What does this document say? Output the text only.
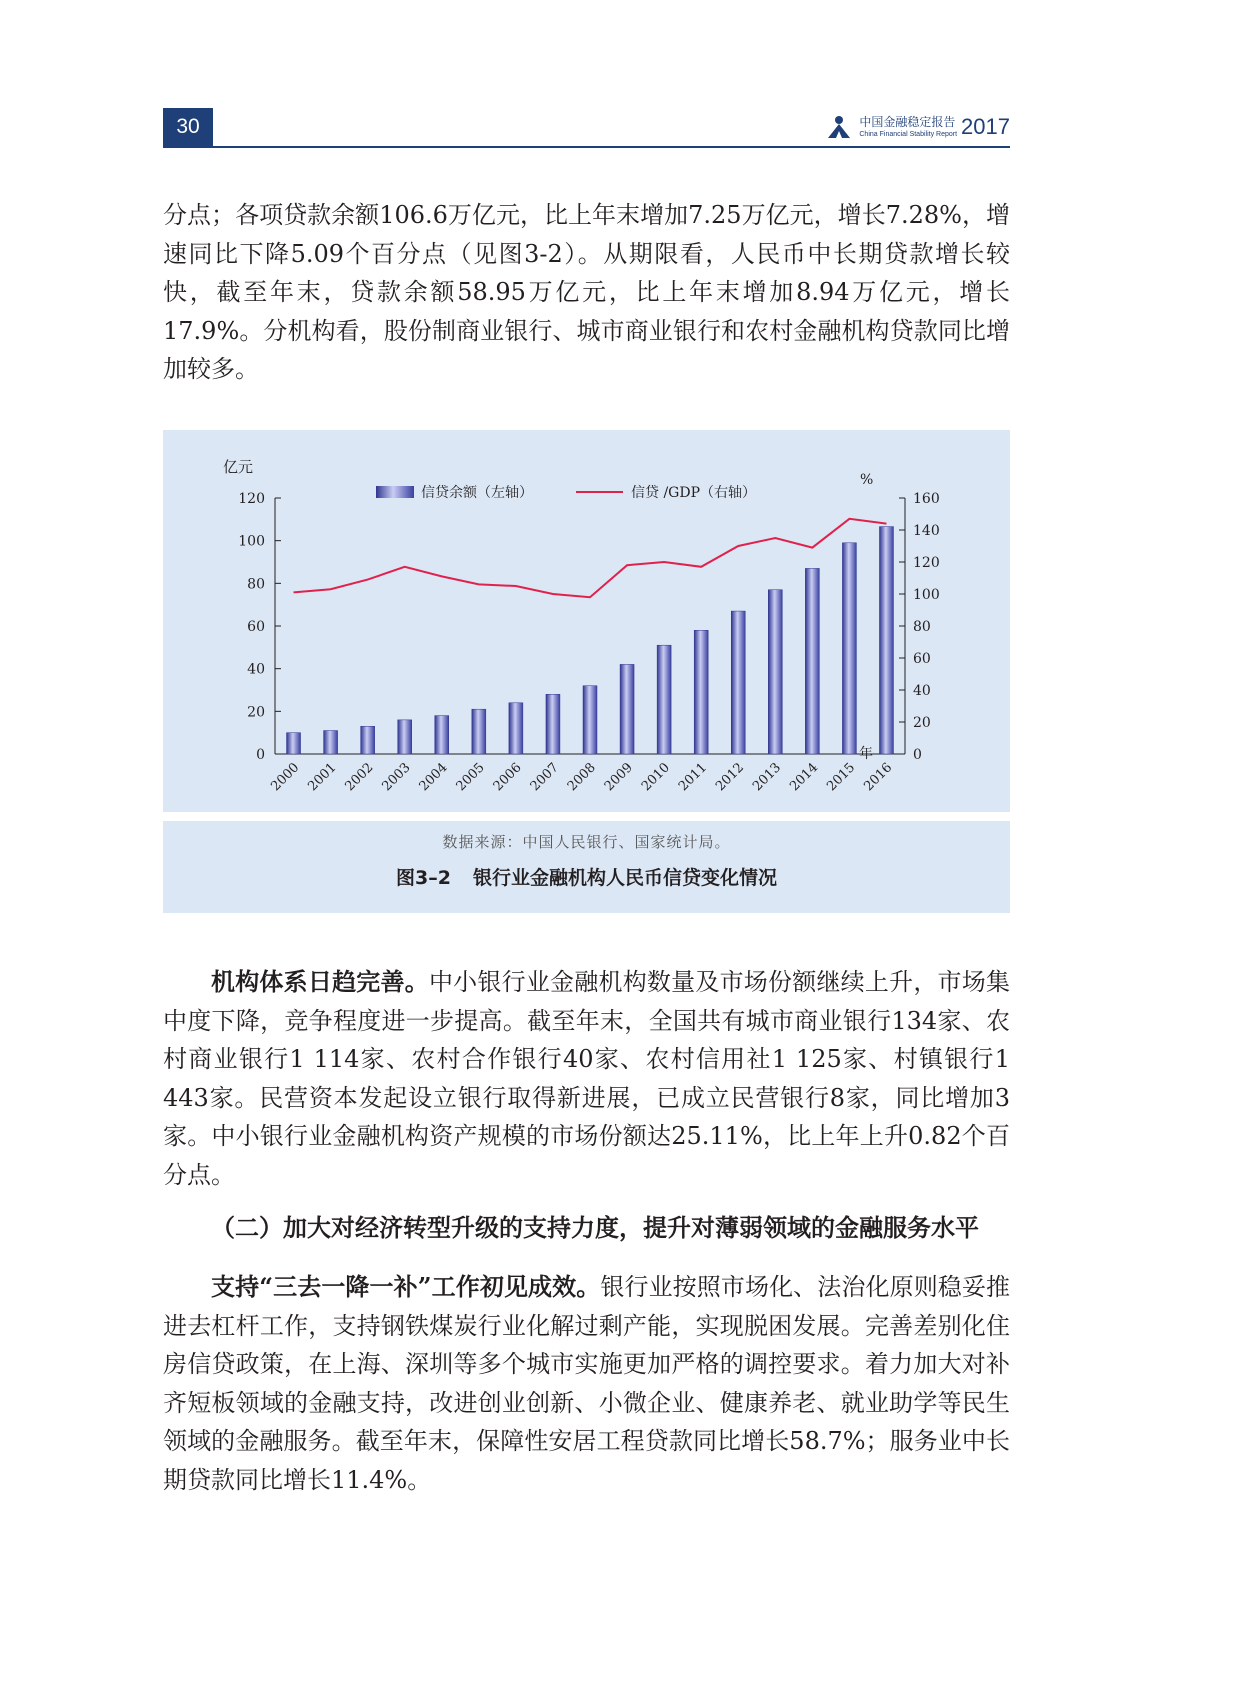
30	中国金融稳定报告
China Financial Stability Report 2017

分点；各项贷款余额106.6万亿元，比上年末增加7.25万亿元，增长7.28%，增速同比下降5.09个百分点（见图3-2）。从期限看，人民币中长期贷款增长较快，截至年末，贷款余额58.95万亿元，比上年末增加8.94万亿元，增长17.9%。分机构看，股份制商业银行、城市商业银行和农村金融机构贷款同比增加较多。

0
20
40
60
80
100
120
0
20
40
60
80
100
120
140
160
2000 2001 2002 2003 2004 2005 2006 2007 2008 2009 2010 2011 2012 2013 2014 2015 2016
信贷余额（左轴）	信贷 /GDP（右轴）
亿元
%
年
数据来源：中国人民银行、国家统计局。
图3–2 银行业金融机构人民币信贷变化情况

机构体系日趋完善。中小银行业金融机构数量及市场份额继续上升，市场集中度下降，竞争程度进一步提高。截至年末，全国共有城市商业银行134家、农村商业银行1 114家、农村合作银行40家、农村信用社1 125家、村镇银行1 443家。民营资本发起设立银行取得新进展，已成立民营银行8家，同比增加3家。中小银行业金融机构资产规模的市场份额达25.11%，比上年上升0.82个百分点。

（二）加大对经济转型升级的支持力度，提升对薄弱领域的金融服务水平

支持“三去一降一补”工作初见成效。银行业按照市场化、法治化原则稳妥推进去杠杆工作，支持钢铁煤炭行业化解过剩产能，实现脱困发展。完善差别化住房信贷政策，在上海、深圳等多个城市实施更加严格的调控要求。着力加大对补齐短板领域的金融支持，改进创业创新、小微企业、健康养老、就业助学等民生领域的金融服务。截至年末，保障性安居工程贷款同比增长58.7%；服务业中长期贷款同比增长11.4%。
